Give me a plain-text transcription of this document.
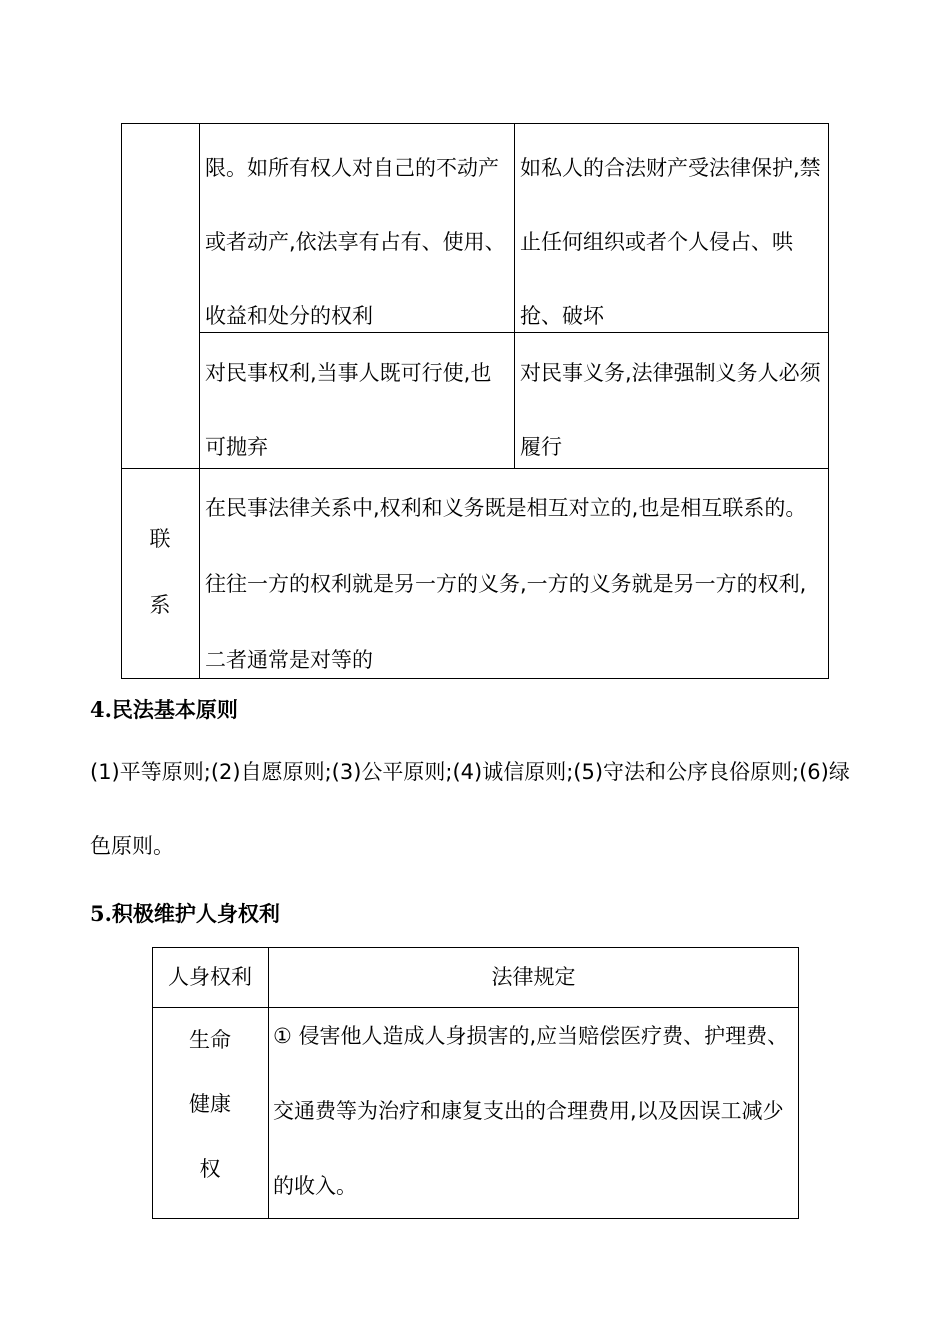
限。如所有权人对自己的不动产或者动产,依法享有占有、使用、收益和处分的权利
如私人的合法财产受法律保护,禁止任何组织或者个人侵占、哄抢、破坏
对民事权利,当事人既可行使,也可抛弃
对民事义务,法律强制义务人必须履行
联
系
在民事法律关系中,权利和义务既是相互对立的,也是相互联系的。往往一方的权利就是另一方的义务,一方的义务就是另一方的权利,二者通常是对等的
4.民法基本原则
(1)平等原则;(2)自愿原则;(3)公平原则;(4)诚信原则;(5)守法和公序良俗原则;(6)绿色原则。
5.积极维护人身权利
人身权利	法律规定
生命
健康
权
① 侵害他人造成人身损害的,应当赔偿医疗费、护理费、交通费等为治疗和康复支出的合理费用,以及因误工减少的收入。
